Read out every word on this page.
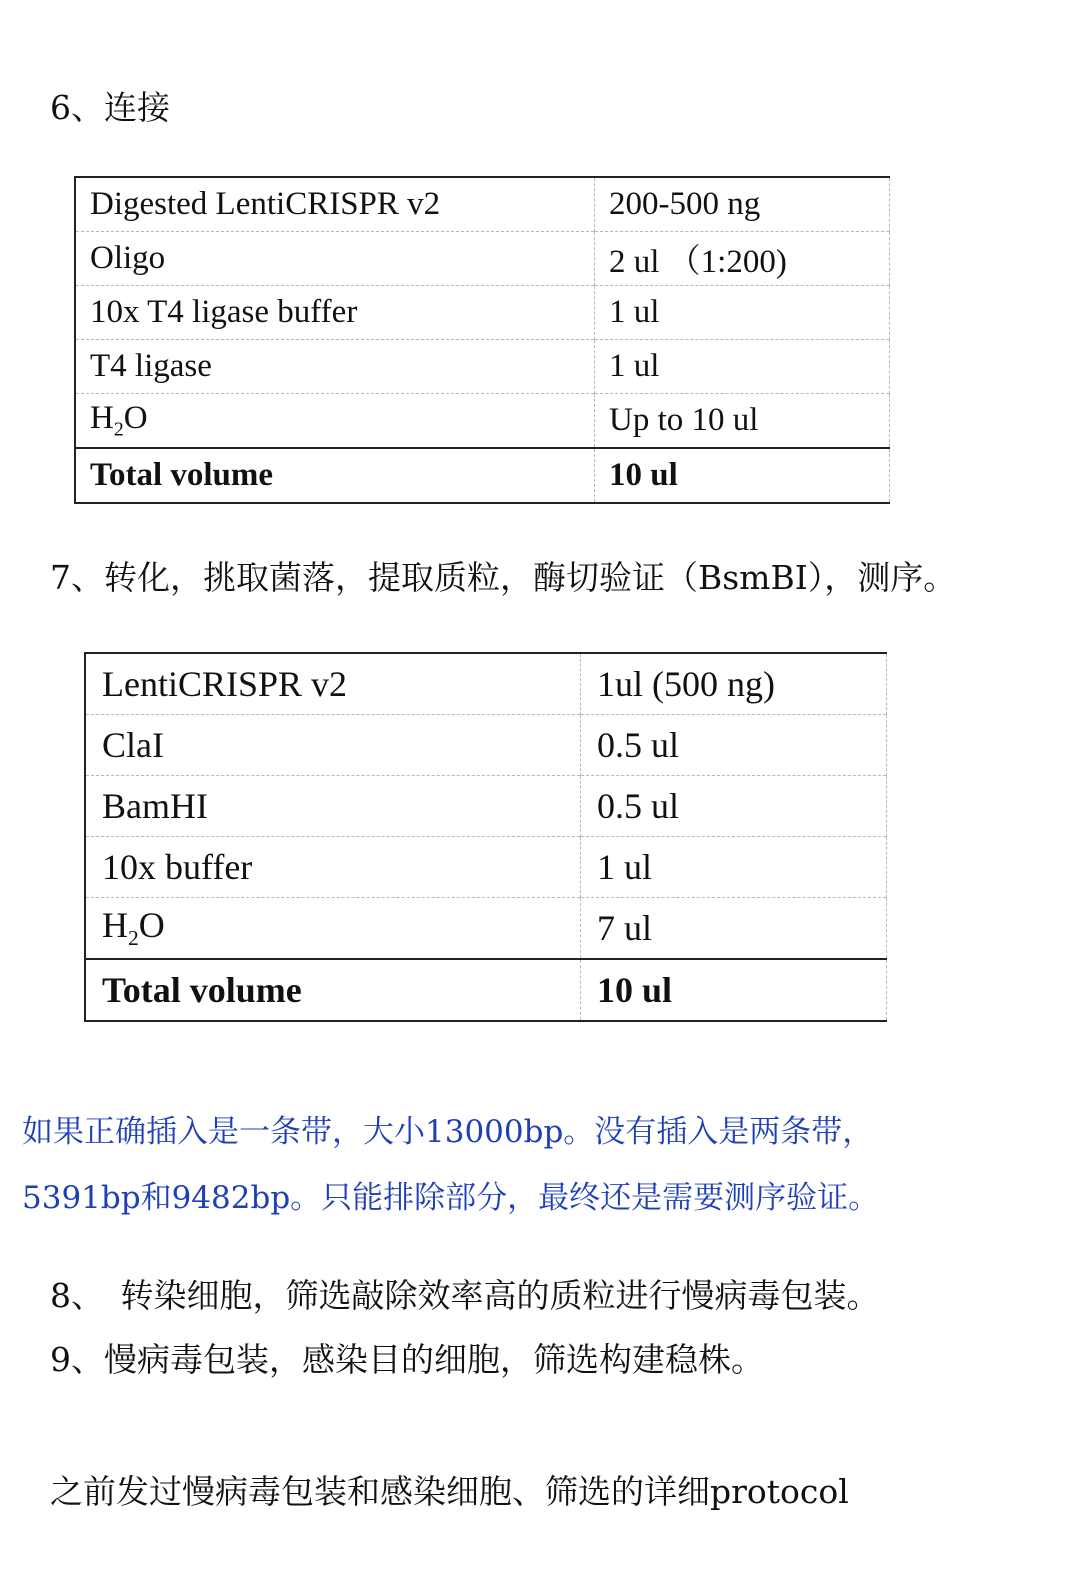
6、连接
Digested LentiCRISPR v2	200-500 ng
Oligo	2 ul （1:200)
10x T4 ligase buffer	1 ul
T4 ligase	1 ul
$H_2O$	Up to 10 ul
Total volume	10 ul
7、转化，挑取菌落，提取质粒，酶切验证（BsmBI），测序。
LentiCRISPR v2	1ul (500 ng)
ClaI	0.5 ul
BamHI	0.5 ul
10x buffer	1 ul
$H_2O$	7 ul
Total volume	10 ul
如果正确插入是一条带，大小13000bp。没有插入是两条带，
5391bp和9482bp。只能排除部分，最终还是需要测序验证。
8、　转染细胞，筛选敲除效率高的质粒进行慢病毒包装。
9、慢病毒包装，感染目的细胞，筛选构建稳株。
之前发过慢病毒包装和感染细胞、筛选的详细protocol
